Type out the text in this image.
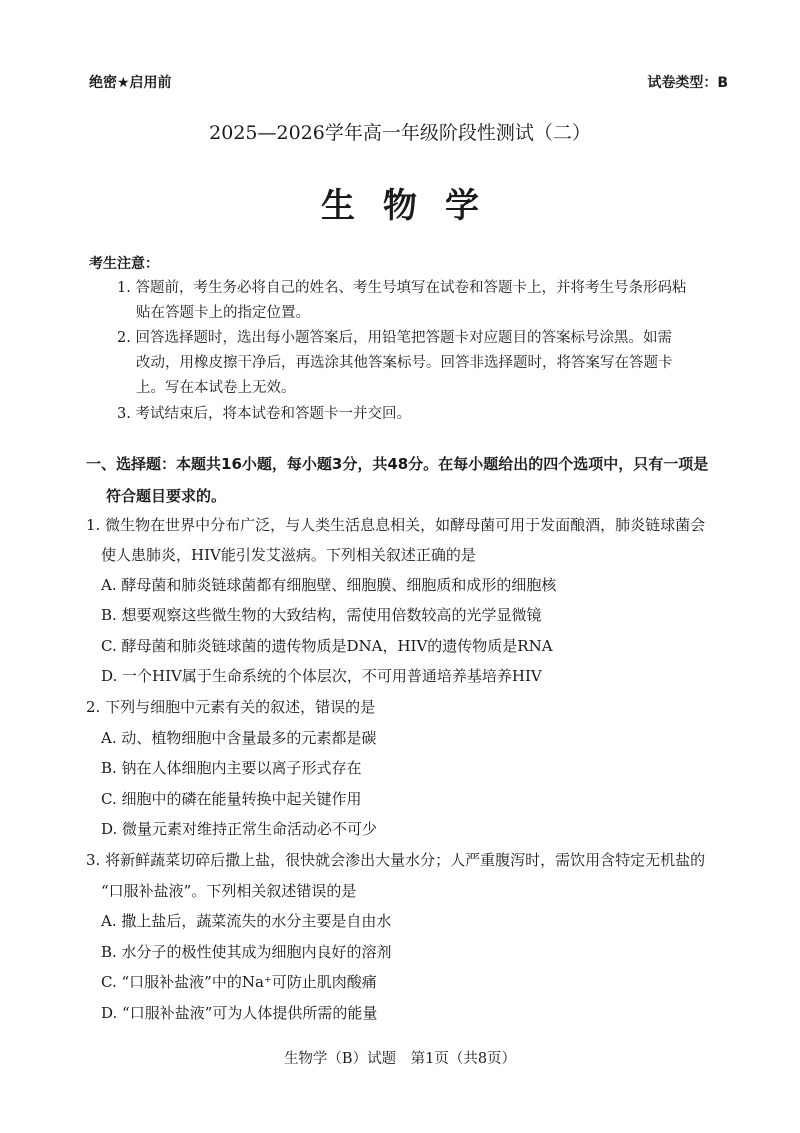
绝密★启用前	试卷类型：B
2025—2026学年高一年级阶段性测试（二）
生物学
考生注意：
1. 答题前，考生务必将自己的姓名、考生号填写在试卷和答题卡上，并将考生号条形码粘
贴在答题卡上的指定位置。
2. 回答选择题时，选出每小题答案后，用铅笔把答题卡对应题目的答案标号涂黑。如需
改动，用橡皮擦干净后，再选涂其他答案标号。回答非选择题时，将答案写在答题卡
上。写在本试卷上无效。
3. 考试结束后，将本试卷和答题卡一并交回。
一、选择题：本题共16小题，每小题3分，共48分。在每小题给出的四个选项中，只有一项是
符合题目要求的。
1. 微生物在世界中分布广泛，与人类生活息息相关，如酵母菌可用于发面酿酒，肺炎链球菌会
使人患肺炎，HIV能引发艾滋病。下列相关叙述正确的是
A. 酵母菌和肺炎链球菌都有细胞壁、细胞膜、细胞质和成形的细胞核
B. 想要观察这些微生物的大致结构，需使用倍数较高的光学显微镜
C. 酵母菌和肺炎链球菌的遗传物质是DNA，HIV的遗传物质是RNA
D. 一个HIV属于生命系统的个体层次，不可用普通培养基培养HIV
2. 下列与细胞中元素有关的叙述，错误的是
A. 动、植物细胞中含量最多的元素都是碳
B. 钠在人体细胞内主要以离子形式存在
C. 细胞中的磷在能量转换中起关键作用
D. 微量元素对维持正常生命活动必不可少
3. 将新鲜蔬菜切碎后撒上盐，很快就会渗出大量水分；人严重腹泻时，需饮用含特定无机盐的
“口服补盐液”。下列相关叙述错误的是
A. 撒上盐后，蔬菜流失的水分主要是自由水
B. 水分子的极性使其成为细胞内良好的溶剂
C. “口服补盐液”中的Na⁺可防止肌肉酸痛
D. “口服补盐液”可为人体提供所需的能量
生物学（B）试题　第1页（共8页）
